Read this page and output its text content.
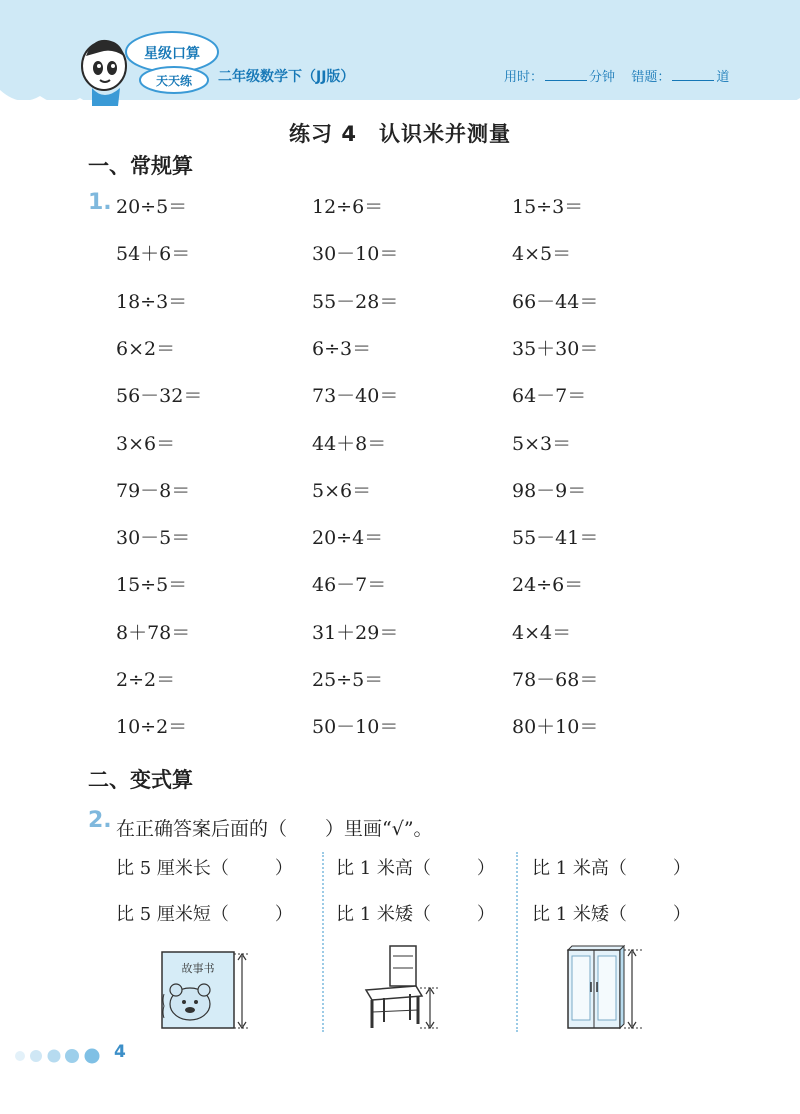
星级口算
天天练 二年级数学下（JJ版）	用时：	分钟 错题：	道
练习 4 认识米并测量
一、常规算
1. 20÷5＝	12÷6＝	15÷3＝
54＋6＝	30－10＝	4×5＝
18÷3＝	55－28＝	66－44＝
6×2＝	6÷3＝	35＋30＝
56－32＝	73－40＝	64－7＝
3×6＝	44＋8＝	5×3＝
79－8＝	5×6＝	98－9＝
30－5＝	20÷4＝	55－41＝
15÷5＝	46－7＝	24÷6＝
8＋78＝	31＋29＝	4×4＝
2÷2＝	25÷5＝	78－68＝
10÷2＝	50－10＝	80＋10＝
二、变式算
2. 在正确答案后面的（　　）里画“√”。
比 5 厘米长（	）
比 5 厘米短（	）
比 1 米高（	）
比 1 米矮（	）
比 1 米高（	）
比 1 米矮（	）
故事书
4
